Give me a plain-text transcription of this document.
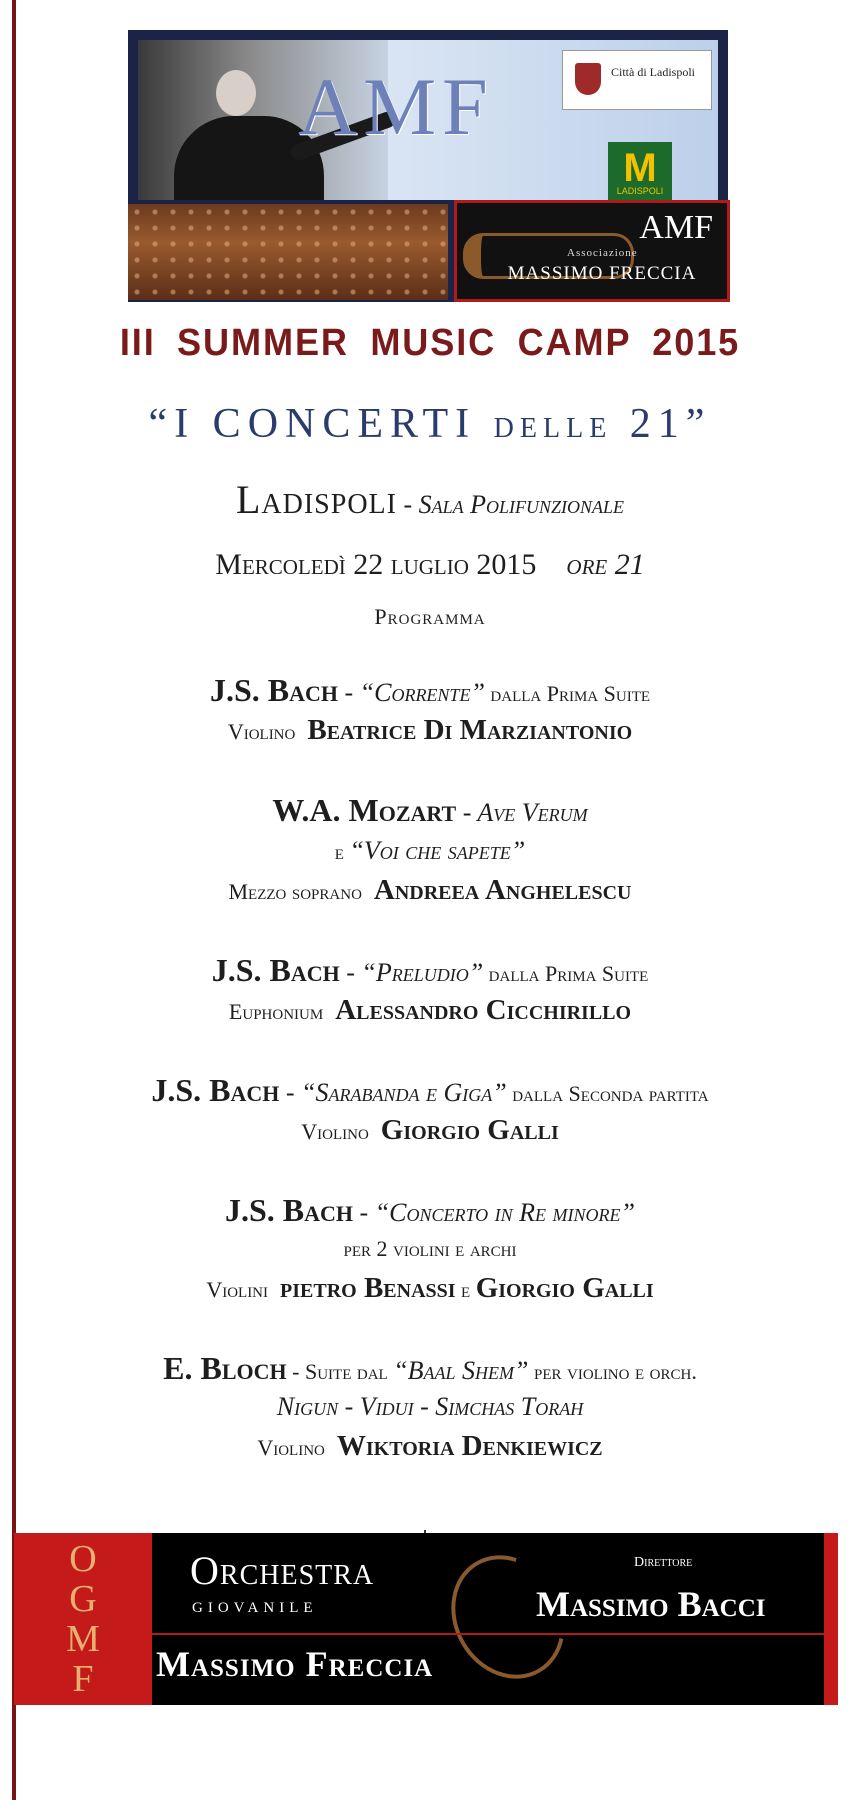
AMF	Città di Ladispoli
M
LADISPOLI
AMF
Associazione
MASSIMO FRECCIA
III SUMMER MUSIC CAMP 2015
“I CONCERTI DELLE 21”
Ladispoli - Sala Polifunzionale
Mercoledì 22 luglio 2015 ore 21
Programma
J.S. Bach - “Corrente” dalla Prima Suite
Violino Beatrice Di Marziantonio
W.A. Mozart - Ave Verum
e “Voi che sapete”
Mezzo soprano Andreea Anghelescu
J.S. Bach - “Preludio” dalla Prima Suite
Euphonium Alessandro Cicchirillo
J.S. Bach - “Sarabanda e Giga” dalla Seconda partita
Violino Giorgio Galli
J.S. Bach - “Concerto in Re minore”
per 2 violini e archi
Violini pietro Benassi e Giorgio Galli
E. Bloch - Suite dal “Baal Shem” per violino e orch.
Nigun - Vidui - Simchas Torah
Violino Wiktoria Denkiewicz
O
G
M
F
Orchestra
giovanile
Direttore
Massimo Bacci
Massimo Freccia
